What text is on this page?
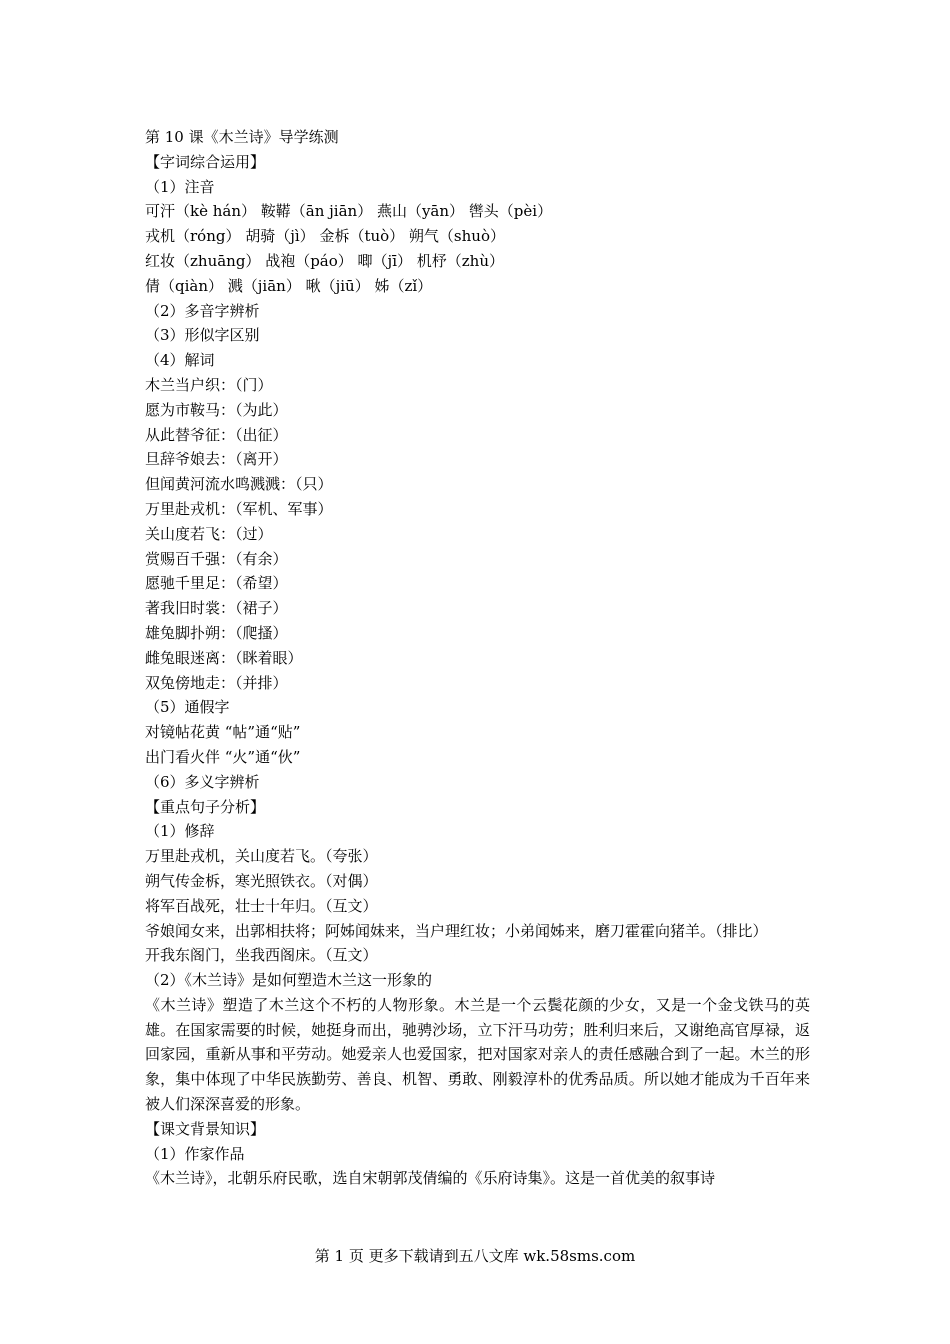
第 10 课《木兰诗》导学练测
【字词综合运用】
（1）注音
可汗（kè hán） 鞍鞯（ān jiān） 燕山（yān） 辔头（pèi）
戎机（róng） 胡骑（jì） 金柝（tuò） 朔气（shuò）
红妆（zhuāng） 战袍（páo） 唧（jī） 机杼（zhù）
倩（qiàn） 溅（jiān） 啾（jiū） 姊（zǐ）
（2）多音字辨析
（3）形似字区别
（4）解词
木兰当户织：（门）
愿为市鞍马：（为此）
从此替爷征：（出征）
旦辞爷娘去：（离开）
但闻黄河流水鸣溅溅：（只）
万里赴戎机：（军机、军事）
关山度若飞：（过）
赏赐百千强：（有余）
愿驰千里足：（希望）
著我旧时裳：（裙子）
雄兔脚扑朔：（爬搔）
雌兔眼迷离：（眯着眼）
双兔傍地走：（并排）
（5）通假字
对镜帖花黄 “帖”通“贴”
出门看火伴 “火”通“伙”
（6）多义字辨析
【重点句子分析】
（1）修辞
万里赴戎机，关山度若飞。（夸张）
朔气传金柝，寒光照铁衣。（对偶）
将军百战死，壮士十年归。（互文）
爷娘闻女来，出郭相扶将；阿姊闻妹来，当户理红妆；小弟闻姊来，磨刀霍霍向猪羊。（排比）
开我东阁门，坐我西阁床。（互文）
（2）《木兰诗》是如何塑造木兰这一形象的
《木兰诗》塑造了木兰这个不朽的人物形象。木兰是一个云鬓花颜的少女，又是一个金戈铁马的英雄。在国家需要的时候，她挺身而出，驰骋沙场，立下汗马功劳；胜利归来后，又谢绝高官厚禄，返回家园，重新从事和平劳动。她爱亲人也爱国家，把对国家对亲人的责任感融合到了一起。木兰的形象，集中体现了中华民族勤劳、善良、机智、勇敢、刚毅淳朴的优秀品质。所以她才能成为千百年来被人们深深喜爱的形象。
【课文背景知识】
（1）作家作品
《木兰诗》，北朝乐府民歌，选自宋朝郭茂倩编的《乐府诗集》。这是一首优美的叙事诗
第 1 页 更多下载请到五八文库 wk.58sms.com
